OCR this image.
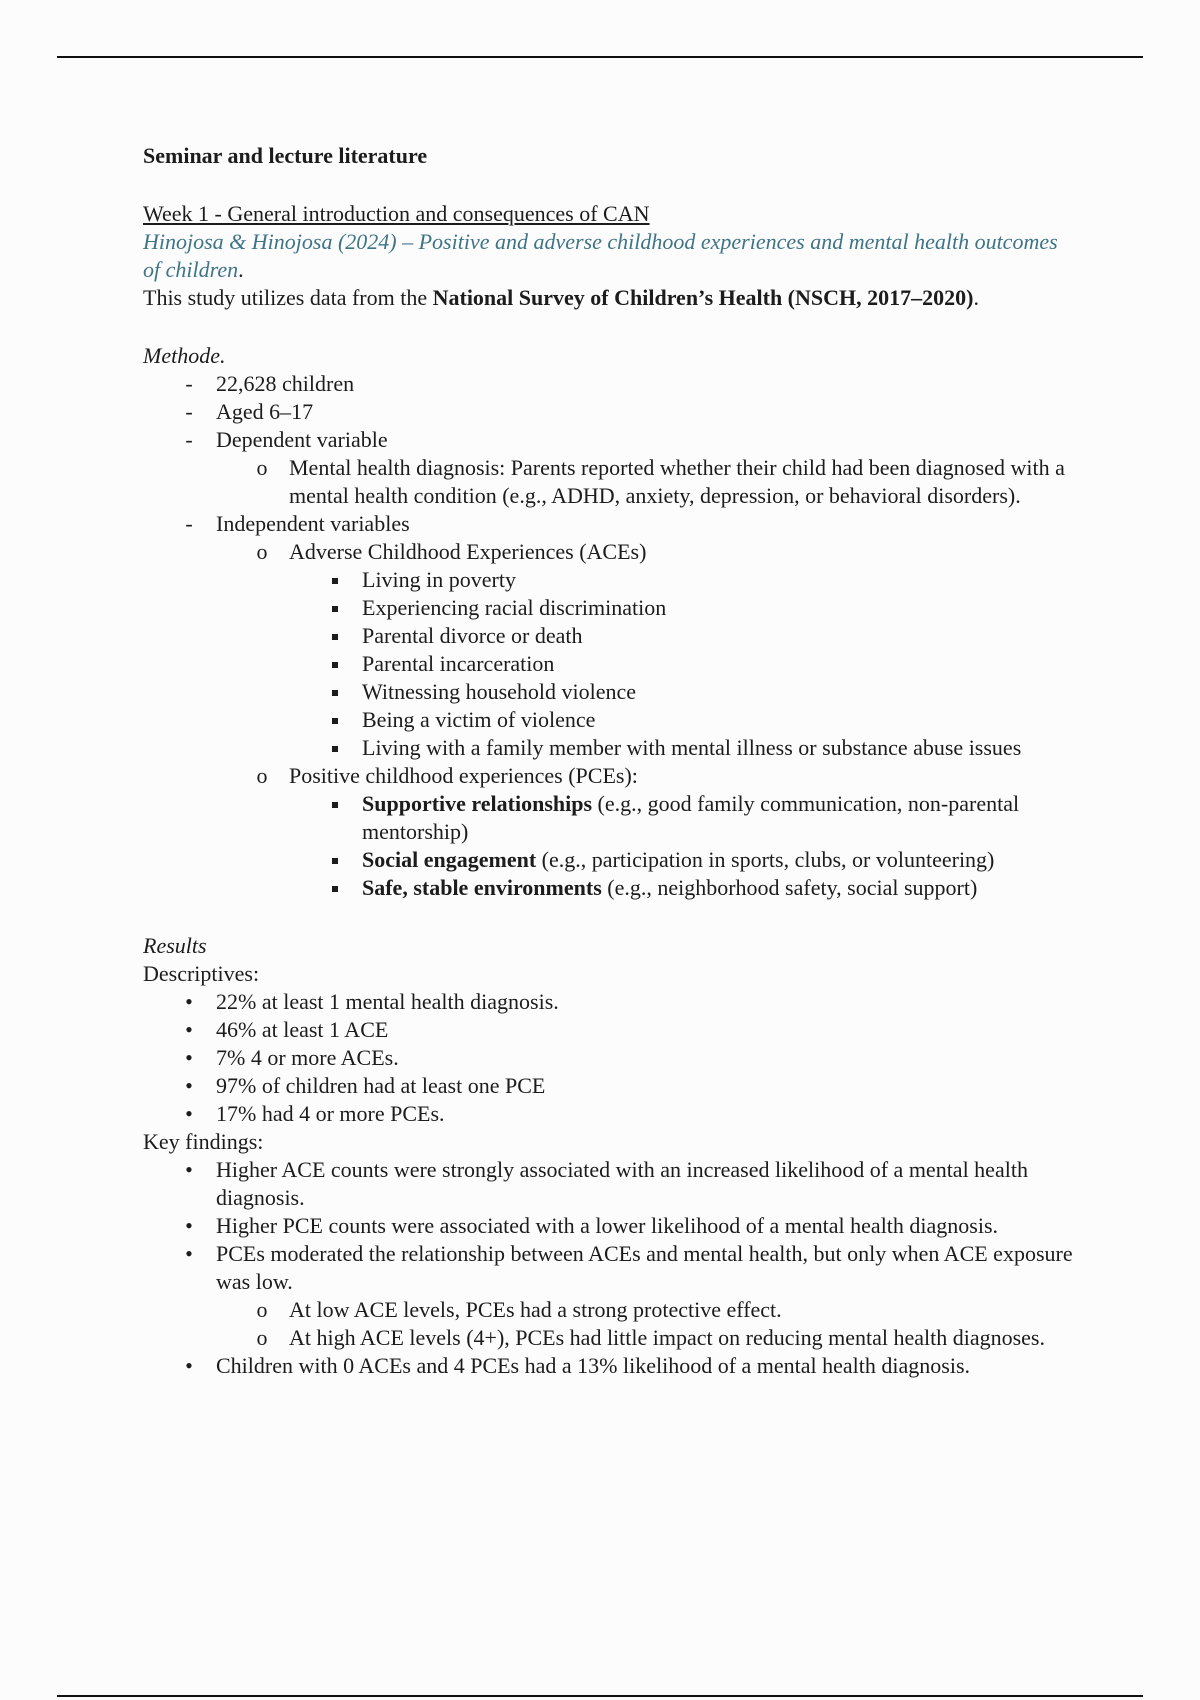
Seminar and lecture literature

Week 1 - General introduction and consequences of CAN

Hinojosa & Hinojosa (2024) – Positive and adverse childhood experiences and mental health outcomes of children.

This study utilizes data from the National Survey of Children’s Health (NSCH, 2017–2020).

Methode.

-
22,628 children
-
Aged 6–17
-
Dependent variable
o
Mental health diagnosis: Parents reported whether their child had been diagnosed with a mental health condition (e.g., ADHD, anxiety, depression, or behavioral disorders).
-
Independent variables
o
Adverse Childhood Experiences (ACEs)
Living in poverty
Experiencing racial discrimination
Parental divorce or death
Parental incarceration
Witnessing household violence
Being a victim of violence
Living with a family member with mental illness or substance abuse issues
o
Positive childhood experiences (PCEs):
Supportive relationships (e.g., good family communication, non-parental mentorship)
Social engagement (e.g., participation in sports, clubs, or volunteering)
Safe, stable environments (e.g., neighborhood safety, social support)

Results

Descriptives:

•
22% at least 1 mental health diagnosis.
•
46% at least 1 ACE
•
7% 4 or more ACEs.
•
97% of children had at least one PCE
•
17% had 4 or more PCEs.

Key findings:

•
Higher ACE counts were strongly associated with an increased likelihood of a mental health diagnosis.
•
Higher PCE counts were associated with a lower likelihood of a mental health diagnosis.
•
PCEs moderated the relationship between ACEs and mental health, but only when ACE exposure was low.
o
At low ACE levels, PCEs had a strong protective effect.
o
At high ACE levels (4+), PCEs had little impact on reducing mental health diagnoses.
•
Children with 0 ACEs and 4 PCEs had a 13% likelihood of a mental health diagnosis.
